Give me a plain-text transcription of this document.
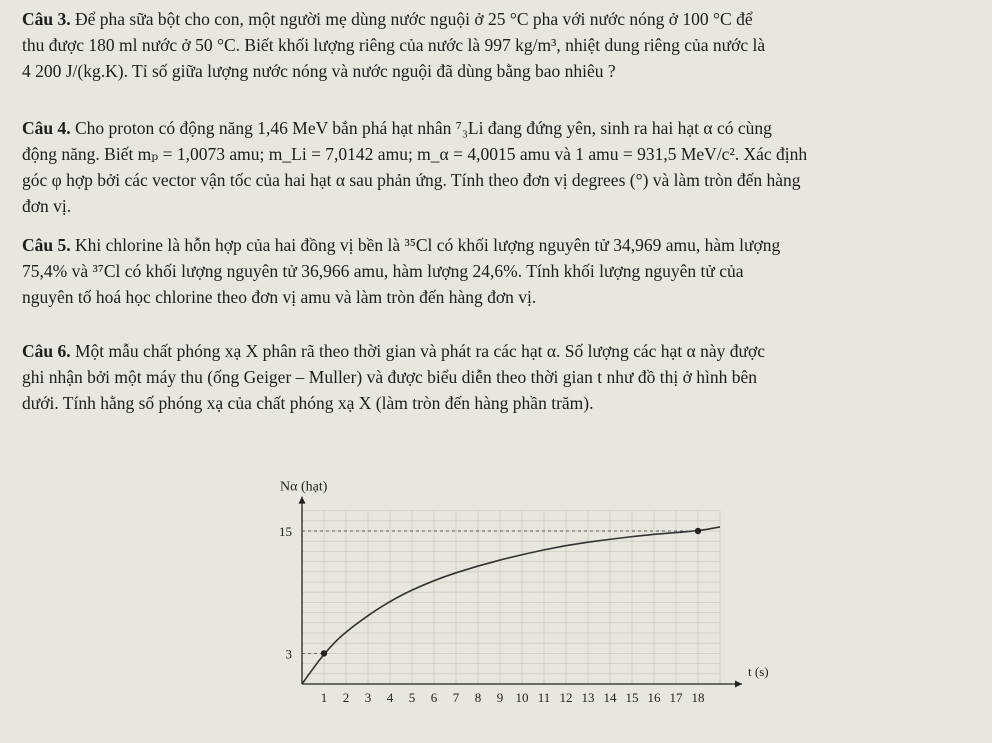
Câu 3. Để pha sữa bột cho con, một người mẹ dùng nước nguội ở 25 °C pha với nước nóng ở 100 °C để
thu được 180 ml nước ở 50 °C. Biết khối lượng riêng của nước là 997 kg/m³, nhiệt dung riêng của nước là
4 200 J/(kg.K). Tỉ số giữa lượng nước nóng và nước nguội đã dùng bằng bao nhiêu ?
Câu 4. Cho proton có động năng 1,46 MeV bắn phá hạt nhân ⁷₃Li đang đứng yên, sinh ra hai hạt α có cùng
động năng. Biết mₚ = 1,0073 amu; m_Li = 7,0142 amu; m_α = 4,0015 amu và 1 amu = 931,5 MeV/c². Xác định
góc φ hợp bởi các vector vận tốc của hai hạt α sau phản ứng. Tính theo đơn vị degrees (°) và làm tròn đến hàng
đơn vị.
Câu 5. Khi chlorine là hỗn hợp của hai đồng vị bền là ³⁵Cl có khối lượng nguyên tử 34,969 amu, hàm lượng
75,4% và ³⁷Cl có khối lượng nguyên tử 36,966 amu, hàm lượng 24,6%. Tính khối lượng nguyên tử của
nguyên tố hoá học chlorine theo đơn vị amu và làm tròn đến hàng đơn vị.
Câu 6. Một mẫu chất phóng xạ X phân rã theo thời gian và phát ra các hạt α. Số lượng các hạt α này được
ghi nhận bởi một máy thu (ống Geiger – Muller) và được biểu diễn theo thời gian t như đồ thị ở hình bên
dưới. Tính hằng số phóng xạ của chất phóng xạ X (làm tròn đến hàng phần trăm).
1 2 3 4 5 6 7 8 9 10 11 12 13 14 15 16 17 18
3
15
Nα (hạt)
t (s)
